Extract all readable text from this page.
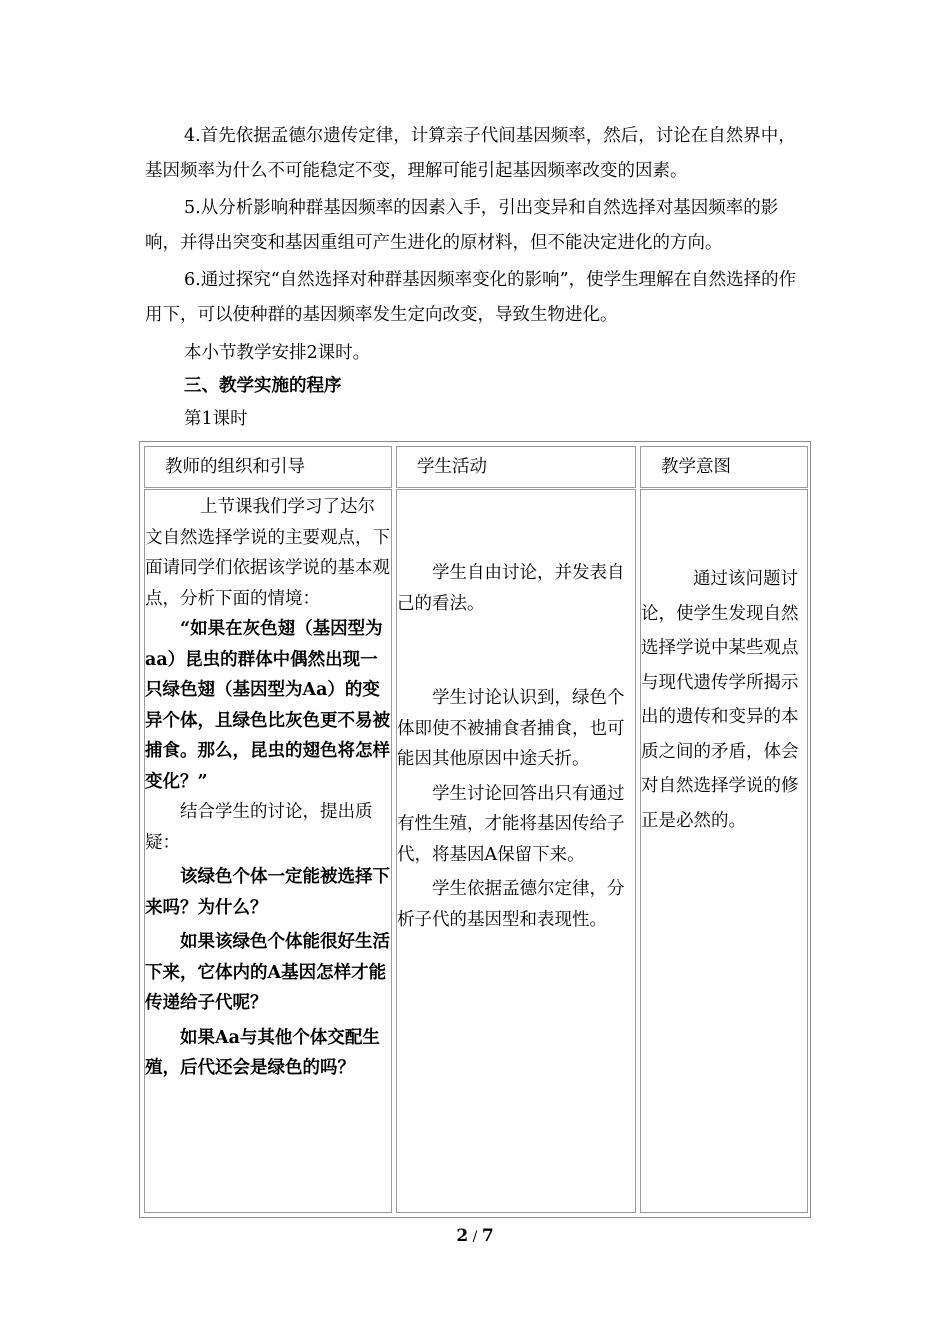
4.首先依据孟德尔遗传定律，计算亲子代间基因频率，然后，讨论在自然界中，基因频率为什么不可能稳定不变，理解可能引起基因频率改变的因素。

5.从分析影响种群基因频率的因素入手，引出变异和自然选择对基因频率的影响，并得出突变和基因重组可产生进化的原材料，但不能决定进化的方向。

6.通过探究“自然选择对种群基因频率变化的影响”，使学生理解在自然选择的作用下，可以使种群的基因频率发生定向改变，导致生物进化。

本小节教学安排2课时。

三、教学实施的程序

第1课时

教师的组织和引导	学生活动	教学意图

上节课我们学习了达尔文自然选择学说的主要观点，下面请同学们依据该学说的基本观点，分析下面的情境：

“如果在灰色翅（基因型为aa）昆虫的群体中偶然出现一只绿色翅（基因型为Aa）的变异个体，且绿色比灰色更不易被捕食。那么，昆虫的翅色将怎样变化？”

结合学生的讨论，提出质疑：

该绿色个体一定能被选择下来吗？为什么？

如果该绿色个体能很好生活下来，它体内的A基因怎样才能传递给子代呢？

如果Aa与其他个体交配生殖，后代还会是绿色的吗？

学生自由讨论，并发表自己的看法。

学生讨论认识到，绿色个体即使不被捕食者捕食，也可能因其他原因中途夭折。

学生讨论回答出只有通过有性生殖，才能将基因传给子代，将基因A保留下来。

学生依据孟德尔定律，分析子代的基因型和表现性。

通过该问题讨论，使学生发现自然选择学说中某些观点与现代遗传学所揭示出的遗传和变异的本质之间的矛盾，体会对自然选择学说的修正是必然的。

2 / 7
